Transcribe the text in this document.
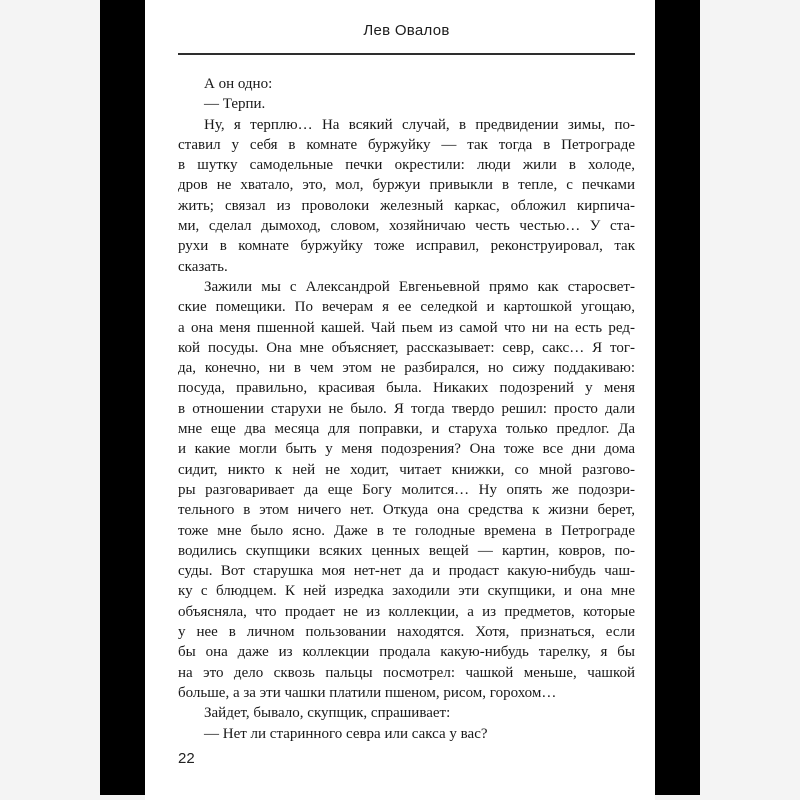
Лев Овалов
А он одно:
— Терпи.
Ну, я терплю… На всякий случай, в предвидении зимы, по-
ставил у себя в комнате буржуйку — так тогда в Петрограде
в шутку самодельные печки окрестили: люди жили в холоде,
дров не хватало, это, мол, буржуи привыкли в тепле, с печками
жить; связал из проволоки железный каркас, обложил кирпича-
ми, сделал дымоход, словом, хозяйничаю честь честью… У ста-
рухи в комнате буржуйку тоже исправил, реконструировал, так
сказать.
Зажили мы с Александрой Евгеньевной прямо как старосвет-
ские помещики. По вечерам я ее селедкой и картошкой угощаю,
а она меня пшенной кашей. Чай пьем из самой что ни на есть ред-
кой посуды. Она мне объясняет, рассказывает: севр, сакс… Я тог-
да, конечно, ни в чем этом не разбирался, но сижу поддакиваю:
посуда, правильно, красивая была. Никаких подозрений у меня
в отношении старухи не было. Я тогда твердо решил: просто дали
мне еще два месяца для поправки, и старуха только предлог. Да
и какие могли быть у меня подозрения? Она тоже все дни дома
сидит, никто к ней не ходит, читает книжки, со мной разгово-
ры разговаривает да еще Богу молится… Ну опять же подозри-
тельного в этом ничего нет. Откуда она средства к жизни берет,
тоже мне было ясно. Даже в те голодные времена в Петрограде
водились скупщики всяких ценных вещей — картин, ковров, по-
суды. Вот старушка моя нет-нет да и продаст какую-нибудь чаш-
ку с блюдцем. К ней изредка заходили эти скупщики, и она мне
объясняла, что продает не из коллекции, а из предметов, которые
у нее в личном пользовании находятся. Хотя, признаться, если
бы она даже из коллекции продала какую-нибудь тарелку, я бы
на это дело сквозь пальцы посмотрел: чашкой меньше, чашкой
больше, а за эти чашки платили пшеном, рисом, горохом…
Зайдет, бывало, скупщик, спрашивает:
— Нет ли старинного севра или сакса у вас?
22
